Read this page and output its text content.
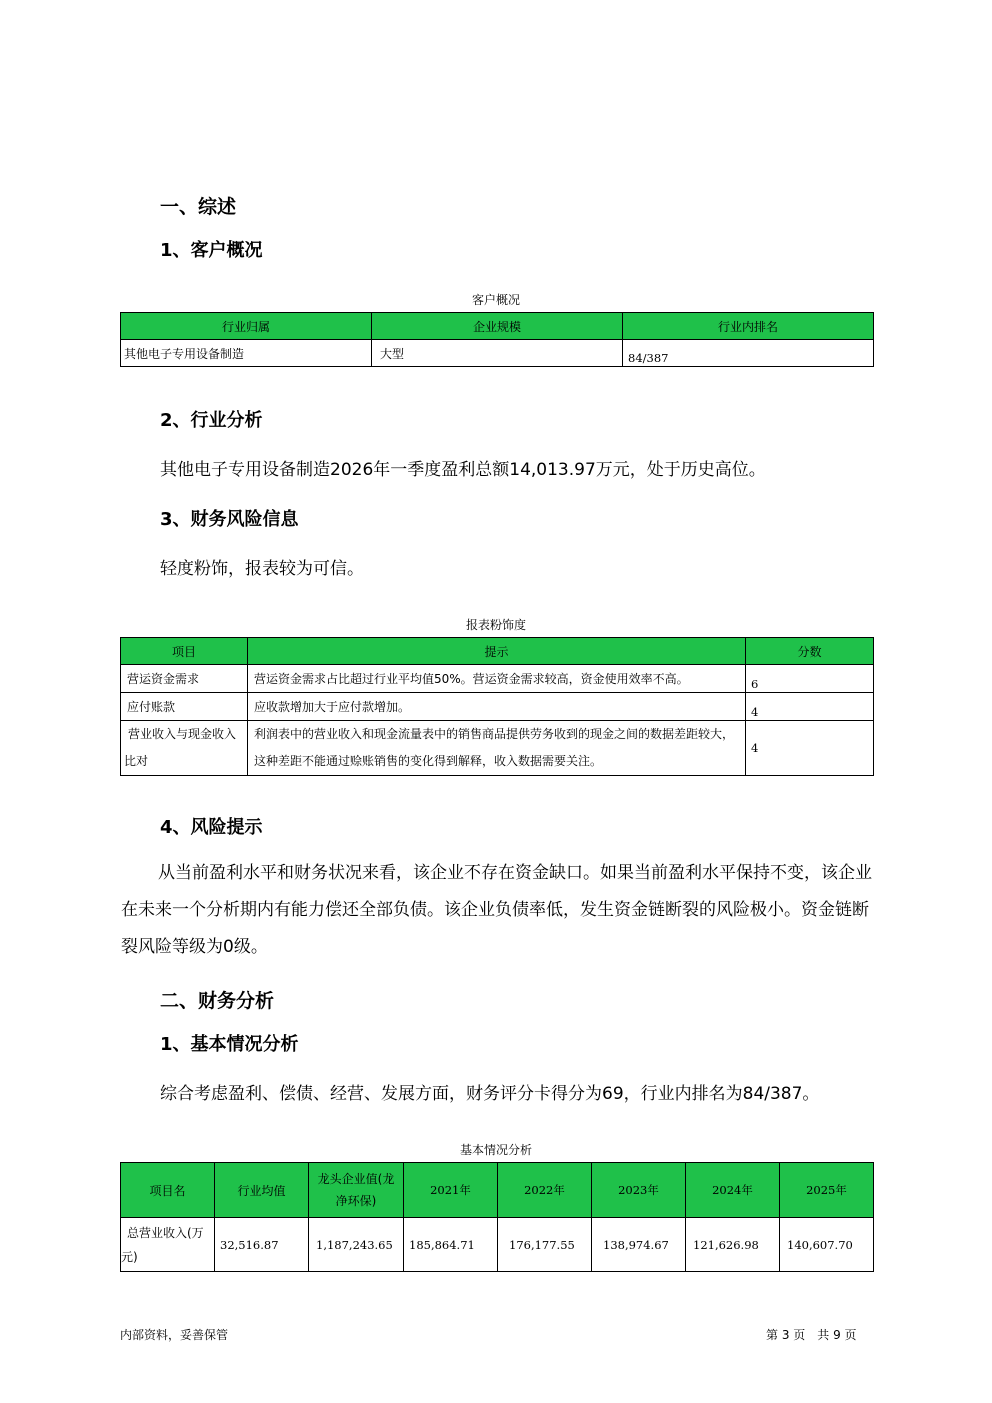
一、综述
1、客户概况
客户概况
行业归属	企业规模	行业内排名
其他电子专用设备制造	大型	84/387
2、行业分析
其他电子专用设备制造2026年一季度盈利总额14,013.97万元，处于历史高位。
3、财务风险信息
轻度粉饰，报表较为可信。
报表粉饰度
项目	提示	分数
营运资金需求	营运资金需求占比超过行业平均值50%。营运资金需求较高，资金使用效率不高。	6
应付账款	应收款增加大于应付款增加。	4
营业收入与现金收入比对	利润表中的营业收入和现金流量表中的销售商品提供劳务收到的现金之间的数据差距较大，这种差距不能通过赊账销售的变化得到解释，收入数据需要关注。	4
4、风险提示
从当前盈利水平和财务状况来看，该企业不存在资金缺口。如果当前盈利水平保持不变，该企业在未来一个分析期内有能力偿还全部负债。该企业负债率低，发生资金链断裂的风险极小。资金链断裂风险等级为0级。
二、财务分析
1、基本情况分析
综合考虑盈利、偿债、经营、发展方面，财务评分卡得分为69，行业内排名为84/387。
基本情况分析
项目名	行业均值	龙头企业值(龙净环保)	2021年	2022年	2023年	2024年	2025年
总营业收入(万元)	32,516.87	1,187,243.65	185,864.71	176,177.55	138,974.67	121,626.98	140,607.70
内部资料，妥善保管	第 3 页　共 9 页
